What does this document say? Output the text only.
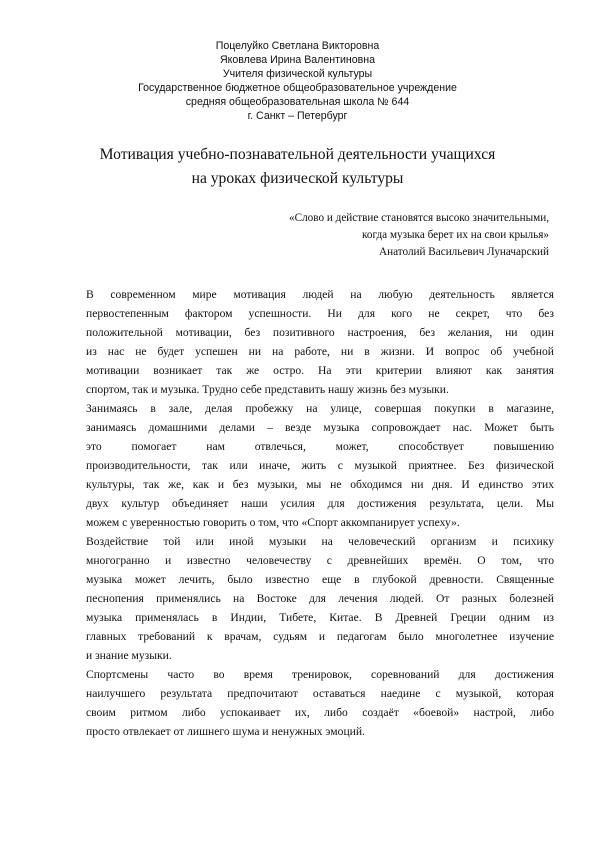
Поцелуйко Светлана Викторовна
Яковлева Ирина Валентиновна
Учителя физической культуры
Государственное бюджетное общеобразовательное учреждение
средняя общеобразовательная школа № 644
г. Санкт – Петербург
Мотивация учебно-познавательной деятельности учащихся
на уроках физической культуры
«Слово и действие становятся высоко значительными,
когда музыка берет их на свои крылья»
Анатолий Васильевич Луначарский
В современном мире мотивация людей на любую деятельность является
первостепенным фактором успешности. Ни для кого не секрет, что без
положительной мотивации, без позитивного настроения, без желания, ни один
из нас не будет успешен ни на работе, ни в жизни. И вопрос об учебной
мотивации возникает так же остро. На эти критерии влияют как занятия
спортом, так и музыка. Трудно себе представить нашу жизнь без музыки.
Занимаясь в зале, делая пробежку на улице, совершая покупки в магазине,
занимаясь домашними делами – везде музыка сопровождает нас. Может быть
это помогает нам отвлечься, может, способствует повышению
производительности, так или иначе, жить с музыкой приятнее. Без физической
культуры, так же, как и без музыки, мы не обходимся ни дня. И единство этих
двух культур объединяет наши усилия для достижения результата, цели. Мы
можем с уверенностью говорить о том, что «Спорт аккомпанирует успеху».
Воздействие той или иной музыки на человеческий организм и психику
многогранно и известно человечеству с древнейших времён. О том, что
музыка может лечить, было известно еще в глубокой древности. Священные
песнопения применялись на Востоке для лечения людей. От разных болезней
музыка применялась в Индии, Тибете, Китае. В Древней Греции одним из
главных требований к врачам, судьям и педагогам было многолетнее изучение
и знание музыки.
Спортсмены часто во время тренировок, соревнований для достижения
наилучшего результата предпочитают оставаться наедине с музыкой, которая
своим ритмом либо успокаивает их, либо создаёт «боевой» настрой, либо
просто отвлекает от лишнего шума и ненужных эмоций.
